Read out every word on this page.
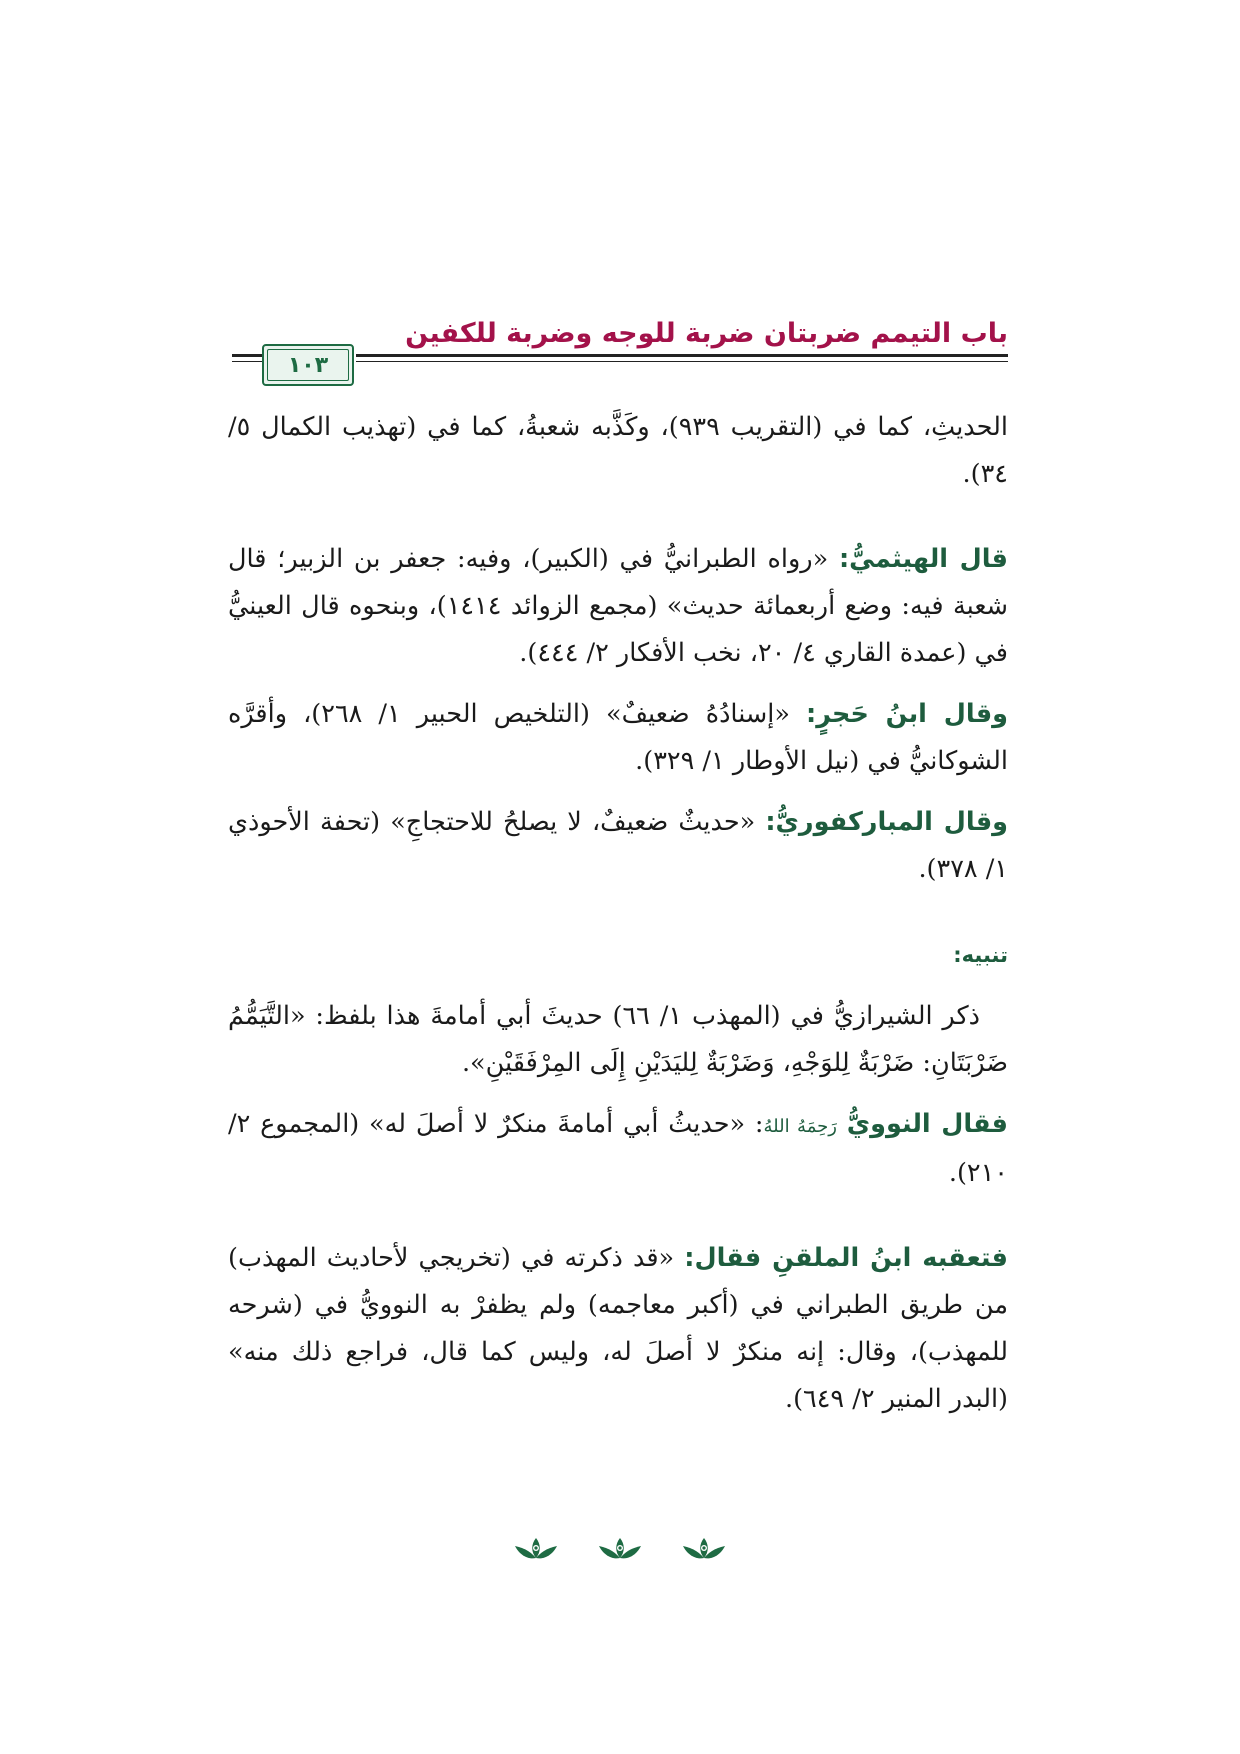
باب التيمم ضربتان ضربة للوجه وضربة للكفين
١٠٣

الحديثِ، كما في (التقريب ٩٣٩)، وكَذَّبه شعبةُ، كما في (تهذيب الكمال ٥/ ٣٤).

قال الهيثميُّ: «رواه الطبرانيُّ في (الكبير)، وفيه: جعفر بن الزبير؛ قال شعبة فيه: وضع أربعمائة حديث» (مجمع الزوائد ١٤١٤)، وبنحوه قال العينيُّ في (عمدة القاري ٤/ ٢٠، نخب الأفكار ٢/ ٤٤٤).

وقال ابنُ حَجرٍ: «إسنادُهُ ضعيفٌ» (التلخيص الحبير ١/ ٢٦٨)، وأقرَّه الشوكانيُّ في (نيل الأوطار ١/ ٣٢٩).

وقال المباركفوريُّ: «حديثٌ ضعيفٌ، لا يصلحُ للاحتجاجِ» (تحفة الأحوذي ١/ ٣٧٨).

تنبيه:

ذكر الشيرازيُّ في (المهذب ١/ ٦٦) حديثَ أبي أمامةَ هذا بلفظ: «التَّيَمُّمُ ضَرْبَتَانِ: ضَرْبَةٌ لِلوَجْهِ، وَضَرْبَةٌ لِليَدَيْنِ إِلَى المِرْفَقَيْنِ».

فقال النوويُّ رَحِمَهُ اللهُ: «حديثُ أبي أمامةَ منكرٌ لا أصلَ له» (المجموع ٢/ ٢١٠).

فتعقبه ابنُ الملقنِ فقال: «قد ذكرته في (تخريجي لأحاديث المهذب) من طريق الطبراني في (أكبر معاجمه) ولم يظفرْ به النوويُّ في (شرحه للمهذب)، وقال: إنه منكرٌ لا أصلَ له، وليس كما قال، فراجع ذلك منه» (البدر المنير ٢/ ٦٤٩).
